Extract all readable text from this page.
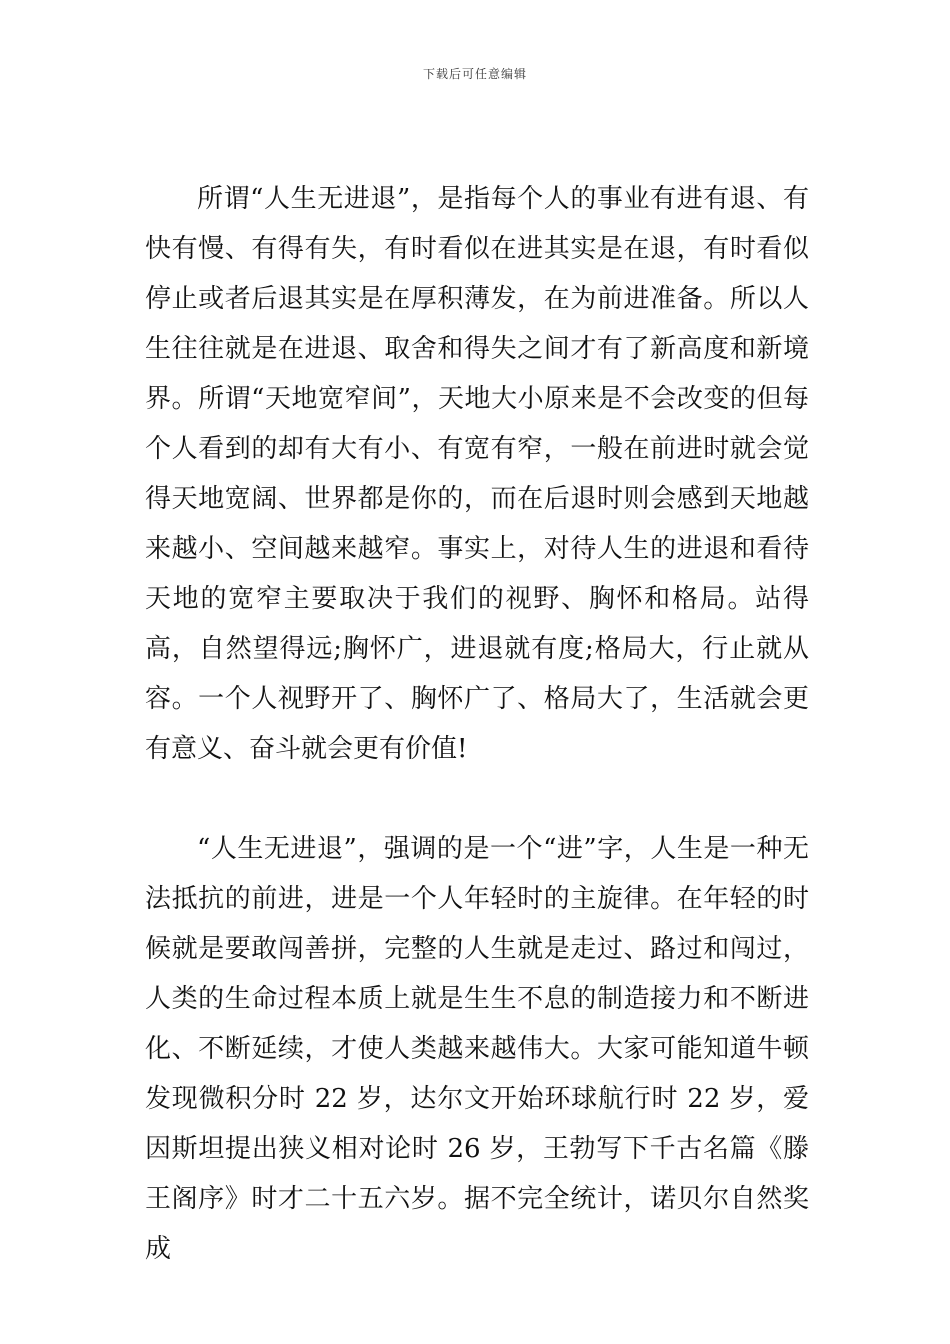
下载后可任意编辑

所谓“人生无进退”，是指每个人的事业有进有退、有快有慢、有得有失，有时看似在进其实是在退，有时看似停止或者后退其实是在厚积薄发，在为前进准备。所以人生往往就是在进退、取舍和得失之间才有了新高度和新境界。所谓“天地宽窄间”，天地大小原来是不会改变的但每个人看到的却有大有小、有宽有窄，一般在前进时就会觉得天地宽阔、世界都是你的，而在后退时则会感到天地越来越小、空间越来越窄。事实上，对待人生的进退和看待天地的宽窄主要取决于我们的视野、胸怀和格局。站得高，自然望得远;胸怀广，进退就有度;格局大，行止就从容。一个人视野开了、胸怀广了、格局大了，生活就会更有意义、奋斗就会更有价值!

“人生无进退”，强调的是一个“进”字，人生是一种无法抵抗的前进，进是一个人年轻时的主旋律。在年轻的时候就是要敢闯善拼，完整的人生就是走过、路过和闯过，人类的生命过程本质上就是生生不息的制造接力和不断进化、不断延续，才使人类越来越伟大。大家可能知道牛顿发现微积分时 22 岁，达尔文开始环球航行时 22 岁，爱因斯坦提出狭义相对论时 26 岁，王勃写下千古名篇《滕王阁序》时才二十五六岁。据不完全统计，诺贝尔自然奖成
